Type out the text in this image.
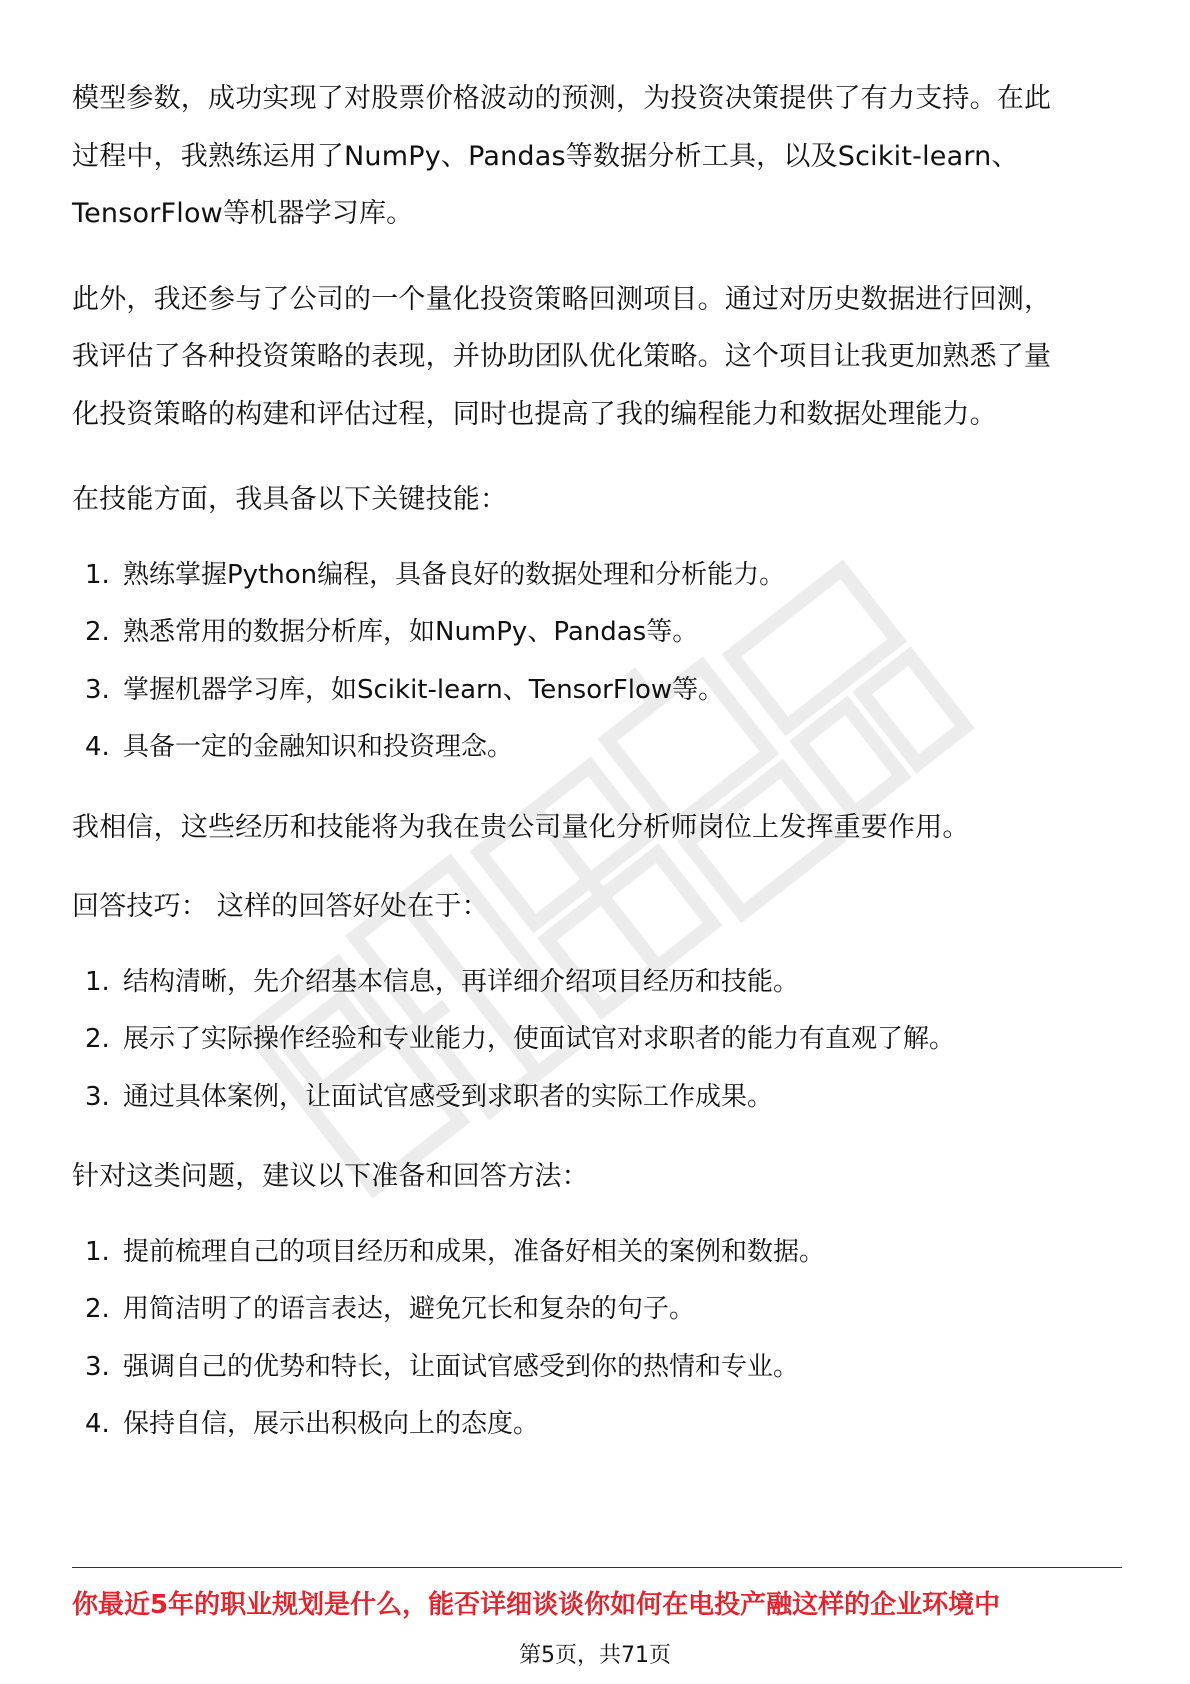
模型参数，成功实现了对股票价格波动的预测，为投资决策提供了有力支持。在此

过程中，我熟练运用了NumPy、Pandas等数据分析工具，以及Scikit-learn、

TensorFlow等机器学习库。

此外，我还参与了公司的一个量化投资策略回测项目。通过对历史数据进行回测，

我评估了各种投资策略的表现，并协助团队优化策略。这个项目让我更加熟悉了量

化投资策略的构建和评估过程，同时也提高了我的编程能力和数据处理能力。

在技能方面，我具备以下关键技能：

1. 熟练掌握Python编程，具备良好的数据处理和分析能力。
2. 熟悉常用的数据分析库，如NumPy、Pandas等。
3. 掌握机器学习库，如Scikit-learn、TensorFlow等。
4. 具备一定的金融知识和投资理念。

我相信，这些经历和技能将为我在贵公司量化分析师岗位上发挥重要作用。

回答技巧： 这样的回答好处在于：

1. 结构清晰，先介绍基本信息，再详细介绍项目经历和技能。
2. 展示了实际操作经验和专业能力，使面试官对求职者的能力有直观了解。
3. 通过具体案例，让面试官感受到求职者的实际工作成果。

针对这类问题，建议以下准备和回答方法：

1. 提前梳理自己的项目经历和成果，准备好相关的案例和数据。
2. 用简洁明了的语言表达，避免冗长和复杂的句子。
3. 强调自己的优势和特长，让面试官感受到你的热情和专业。
4. 保持自信，展示出积极向上的态度。
你最近5年的职业规划是什么，能否详细谈谈你如何在电投产融这样的企业环境中
第5页，共71页
